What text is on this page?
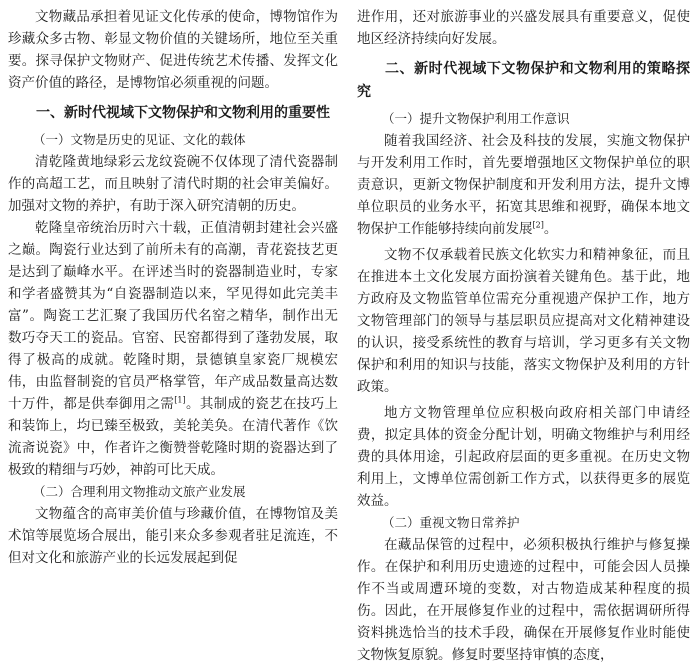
文物藏品承担着见证文化传承的使命，博物馆作为珍藏众多古物、彰显文物价值的关键场所，地位至关重要。探寻保护文物财产、促进传统艺术传播、发挥文化资产价值的路径，是博物馆必须重视的问题。

一、新时代视域下文物保护和文物利用的重要性
（一）文物是历史的见证、文化的载体

清乾隆黄地绿彩云龙纹瓷碗不仅体现了清代瓷器制作的高超工艺，而且映射了清代时期的社会审美偏好。加强对文物的养护，有助于深入研究清朝的历史。

乾隆皇帝统治历时六十载，正值清朝封建社会兴盛之巅。陶瓷行业达到了前所未有的高潮，青花瓷技艺更是达到了巅峰水平。在评述当时的瓷器制造业时，专家和学者盛赞其为“自瓷器制造以来，罕见得如此完美丰富”。陶瓷工艺汇聚了我国历代名窑之精华，制作出无数巧夺天工的瓷品。官窑、民窑都得到了蓬勃发展，取得了极高的成就。乾隆时期，景德镇皇家瓷厂规模宏伟，由监督制瓷的官员严格掌管，年产成品数量高达数十万件，都是供奉御用之需[1]。其制成的瓷艺在技巧上和装饰上，均已臻至极致，美轮美奂。在清代著作《饮流斋说瓷》中，作者许之衡赞誉乾隆时期的瓷器达到了极致的精细与巧妙，神韵可比天成。

（二）合理利用文物推动文旅产业发展

文物蕴含的高审美价值与珍藏价值，在博物馆及美术馆等展览场合展出，能引来众多参观者驻足流连，不但对文化和旅游产业的长远发展起到促

进作用，还对旅游事业的兴盛发展具有重要意义，促使地区经济持续向好发展。

二、新时代视域下文物保护和文物利用的策略探究
（一）提升文物保护利用工作意识

随着我国经济、社会及科技的发展，实施文物保护与开发利用工作时，首先要增强地区文物保护单位的职责意识，更新文物保护制度和开发利用方法，提升文博单位职员的业务水平，拓宽其思维和视野，确保本地文物保护工作能够持续向前发展[2]。

文物不仅承载着民族文化软实力和精神象征，而且在推进本土文化发展方面扮演着关键角色。基于此，地方政府及文物监管单位需充分重视遗产保护工作，地方文物管理部门的领导与基层职员应提高对文化精神建设的认识，接受系统性的教育与培训，学习更多有关文物保护和利用的知识与技能，落实文物保护及利用的方针政策。

地方文物管理单位应积极向政府相关部门申请经费，拟定具体的资金分配计划，明确文物维护与利用经费的具体用途，引起政府层面的更多重视。在历史文物利用上，文博单位需创新工作方式，以获得更多的展览效益。

（二）重视文物日常养护

在藏品保管的过程中，必须积极执行维护与修复操作。在保护和利用历史遗迹的过程中，可能会因人员操作不当或周遭环境的变数，对古物造成某种程度的损伤。因此，在开展修复作业的过程中，需依据调研所得资料挑选恰当的技术手段，确保在开展修复作业时能使文物恢复原貌。修复时要坚持审慎的态度，
